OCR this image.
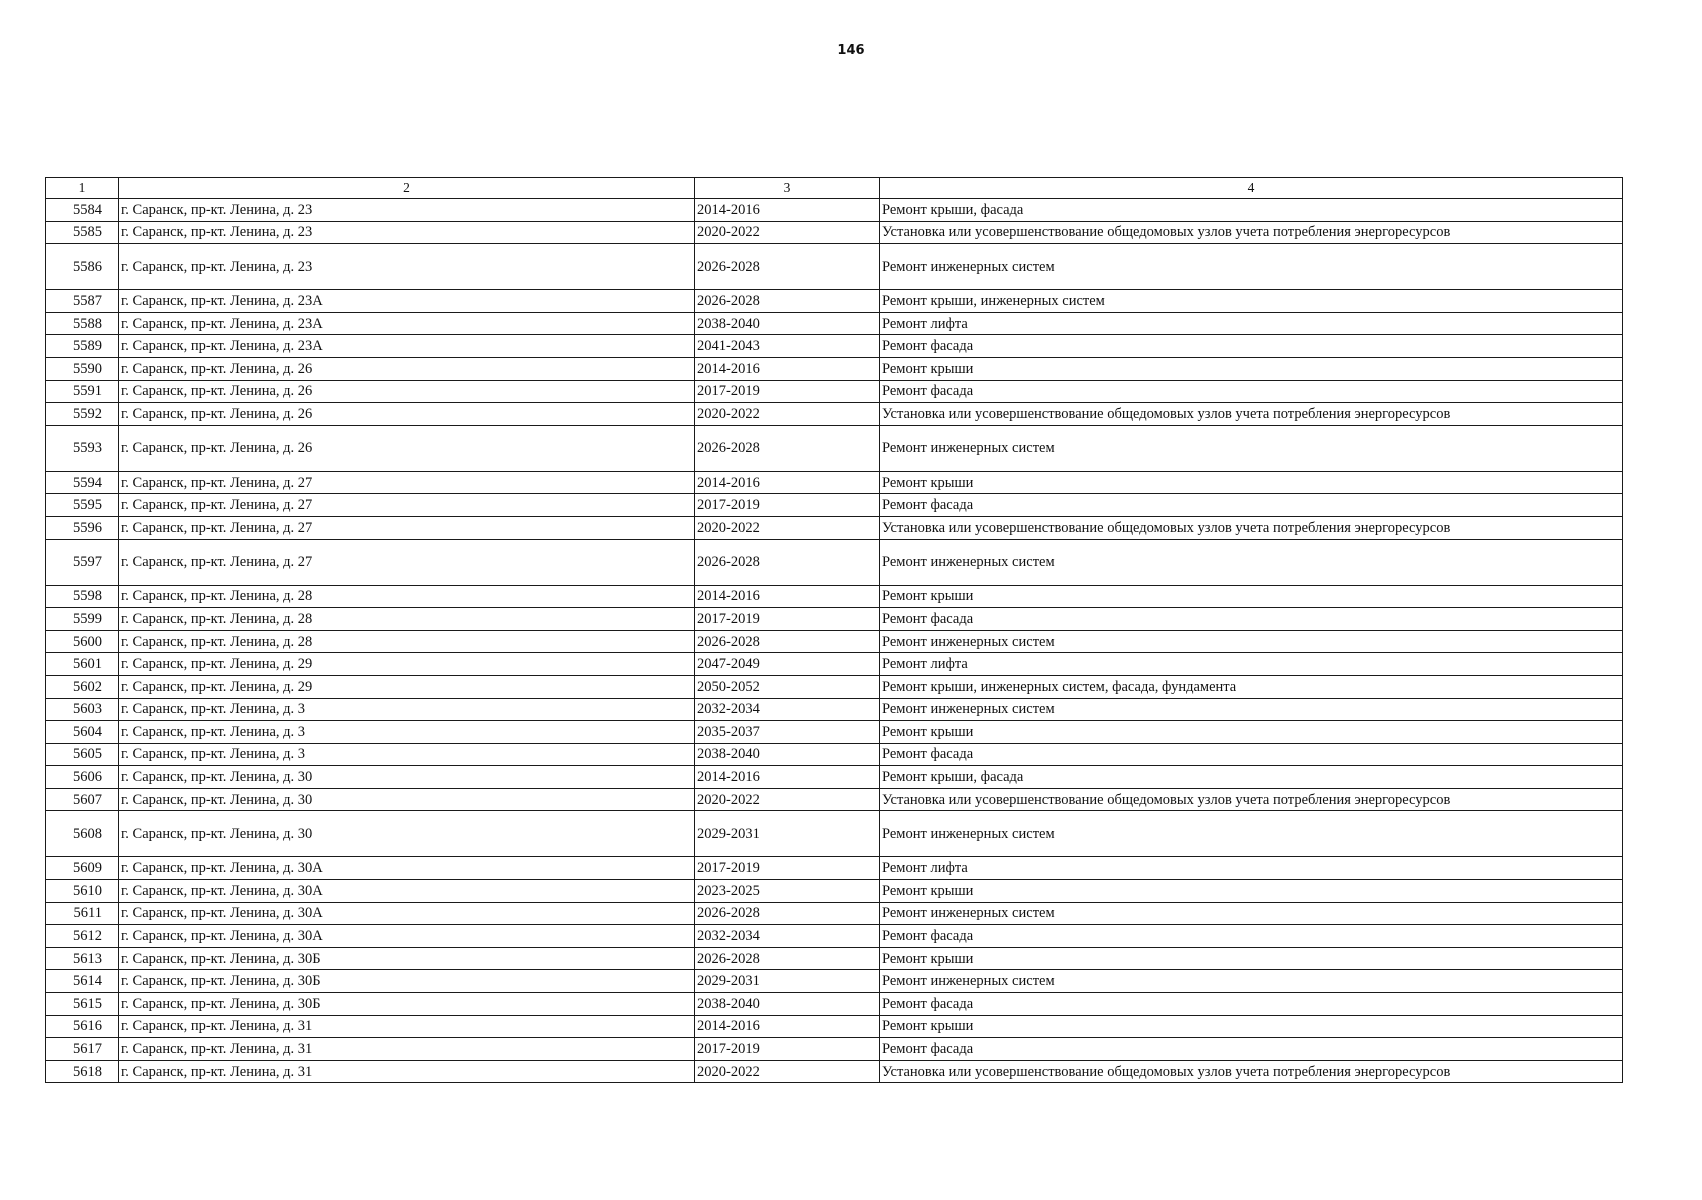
146
1	2	3	4
5584	г. Саранск, пр-кт. Ленина, д. 23	2014-2016	Ремонт крыши, фасада
5585	г. Саранск, пр-кт. Ленина, д. 23	2020-2022	Установка или усовершенствование общедомовых узлов учета потребления энергоресурсов
5586	г. Саранск, пр-кт. Ленина, д. 23	2026-2028	Ремонт инженерных систем
5587	г. Саранск, пр-кт. Ленина, д. 23А	2026-2028	Ремонт крыши, инженерных систем
5588	г. Саранск, пр-кт. Ленина, д. 23А	2038-2040	Ремонт лифта
5589	г. Саранск, пр-кт. Ленина, д. 23А	2041-2043	Ремонт фасада
5590	г. Саранск, пр-кт. Ленина, д. 26	2014-2016	Ремонт крыши
5591	г. Саранск, пр-кт. Ленина, д. 26	2017-2019	Ремонт фасада
5592	г. Саранск, пр-кт. Ленина, д. 26	2020-2022	Установка или усовершенствование общедомовых узлов учета потребления энергоресурсов
5593	г. Саранск, пр-кт. Ленина, д. 26	2026-2028	Ремонт инженерных систем
5594	г. Саранск, пр-кт. Ленина, д. 27	2014-2016	Ремонт крыши
5595	г. Саранск, пр-кт. Ленина, д. 27	2017-2019	Ремонт фасада
5596	г. Саранск, пр-кт. Ленина, д. 27	2020-2022	Установка или усовершенствование общедомовых узлов учета потребления энергоресурсов
5597	г. Саранск, пр-кт. Ленина, д. 27	2026-2028	Ремонт инженерных систем
5598	г. Саранск, пр-кт. Ленина, д. 28	2014-2016	Ремонт крыши
5599	г. Саранск, пр-кт. Ленина, д. 28	2017-2019	Ремонт фасада
5600	г. Саранск, пр-кт. Ленина, д. 28	2026-2028	Ремонт инженерных систем
5601	г. Саранск, пр-кт. Ленина, д. 29	2047-2049	Ремонт лифта
5602	г. Саранск, пр-кт. Ленина, д. 29	2050-2052	Ремонт крыши, инженерных систем, фасада, фундамента
5603	г. Саранск, пр-кт. Ленина, д. 3	2032-2034	Ремонт инженерных систем
5604	г. Саранск, пр-кт. Ленина, д. 3	2035-2037	Ремонт крыши
5605	г. Саранск, пр-кт. Ленина, д. 3	2038-2040	Ремонт фасада
5606	г. Саранск, пр-кт. Ленина, д. 30	2014-2016	Ремонт крыши, фасада
5607	г. Саранск, пр-кт. Ленина, д. 30	2020-2022	Установка или усовершенствование общедомовых узлов учета потребления энергоресурсов
5608	г. Саранск, пр-кт. Ленина, д. 30	2029-2031	Ремонт инженерных систем
5609	г. Саранск, пр-кт. Ленина, д. 30А	2017-2019	Ремонт лифта
5610	г. Саранск, пр-кт. Ленина, д. 30А	2023-2025	Ремонт крыши
5611	г. Саранск, пр-кт. Ленина, д. 30А	2026-2028	Ремонт инженерных систем
5612	г. Саранск, пр-кт. Ленина, д. 30А	2032-2034	Ремонт фасада
5613	г. Саранск, пр-кт. Ленина, д. 30Б	2026-2028	Ремонт крыши
5614	г. Саранск, пр-кт. Ленина, д. 30Б	2029-2031	Ремонт инженерных систем
5615	г. Саранск, пр-кт. Ленина, д. 30Б	2038-2040	Ремонт фасада
5616	г. Саранск, пр-кт. Ленина, д. 31	2014-2016	Ремонт крыши
5617	г. Саранск, пр-кт. Ленина, д. 31	2017-2019	Ремонт фасада
5618	г. Саранск, пр-кт. Ленина, д. 31	2020-2022	Установка или усовершенствование общедомовых узлов учета потребления энергоресурсов
